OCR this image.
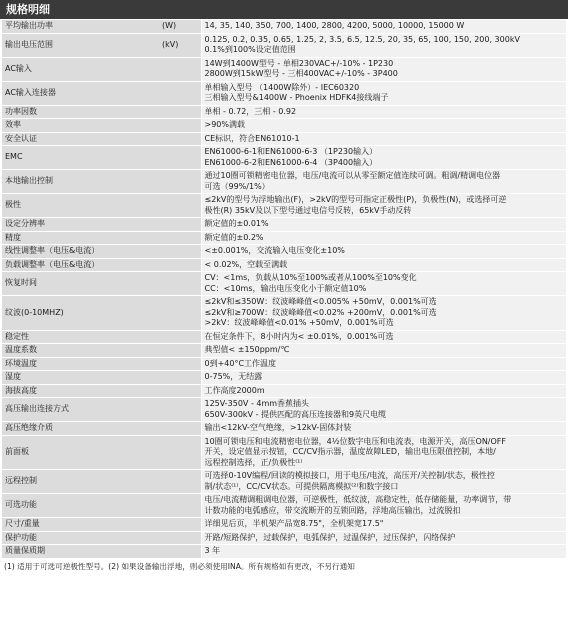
规格明细
平均输出功率	(W)	14, 35, 140, 350, 700, 1400, 2800, 4200, 5000, 10000, 15000 W

输出电压范围	(kV)	0.125, 0.2, 0.35, 0.65, 1.25, 2, 3.5, 6.5, 12.5, 20, 35, 65, 100, 150, 200, 300kV
0.1%到100%设定值范围

AC输入		14W到1400W型号 - 单相230VAC+/-10% - 1P230
2800W到15kW型号 - 三相400VAC+/-10% - 3P400

AC输入连接器		单相输入型号 （1400W除外）- IEC60320
三相输入型号&1400W - Phoenix HDFK4接线端子

功率因数		单相 - 0.72，三相 - 0.92

效率		>90%满载

安全认证		CE标识，符合EN61010-1

EMC		EN61000-6-1和EN61000-6-3 （1P230输入）
EN61000-6-2和EN61000-6-4 （3P400输入）

本地输出控制		通过10圈可锁精密电位器，电压/电流可以从零至额定值连续可调。粗调/精调电位器
可选（99%/1%）

极性		≤2kV的型号为浮地输出(F)，>2kV的型号可指定正极性(P)，负极性(N)，或选择可逆
极性(R) 35kV及以下型号通过电信号反转，65kV手动反转

设定分辨率		额定值的±0.01%

精度		额定值的±0.2%

线性调整率（电压&电流）		<±0.001%，交流输入电压变化±10%

负载调整率（电压&电流）		< 0.02%，空载至满载

恢复时间		CV：<1ms，负载从10%至100%或者从100%至10%变化
CC：<10ms，输出电压变化小于额定值10%

纹波(0-10MHZ)		≤2kV和≤350W：纹波峰峰值<0.005% +50mV，0.001%可选
≤2kV和≥700W：纹波峰峰值<0.02% +200mV，0.001%可选
>2kV：纹波峰峰值<0.01% +50mV，0.001%可选

稳定性		在恒定条件下，8小时内为< ±0.01%，0.001%可选

温度系数		典型值< ±150ppm/℃

环境温度		0到+40°C工作温度

湿度		0-75%，无结露

海拔高度		工作高度2000m

高压输出连接方式		125V-350V - 4mm香蕉插头
650V-300kV - 提供匹配的高压连接器和9英尺电缆

高压绝缘介质		输出<12kV-空气绝缘，>12kV-固体封装

前面板		10圈可锁电压和电流精密电位器，4½位数字电压和电流表，电源开关，高压ON/OFF
开关，设定值显示按钮，CC/CV指示器，温度故障LED，输出电压限值控制，本地/
远程控制选择，正/负极性⁽¹⁾

远程控制		可选择0-10V编程/回读的模拟接口，用于电压/电流，高压开/关控制/状态，极性控
制/状态⁽¹⁾，CC/CV状态。可提供隔离模拟⁽²⁾和数字接口

可选功能		电压/电流精调粗调电位器，可逆极性，低纹波，高稳定性，低存储能量，功率调节，带
计数功能的电弧感应，带交流断开的互锁回路，浮地高压输出，过流脱扣

尺寸/重量		详细见后页，半机架产品宽8.75"，全机架宽17.5"

保护功能		开路/短路保护，过载保护，电弧保护，过温保护，过压保护，闪络保护

质量保质期		3 年
(1) 适用于可选可逆极性型号。(2) 如果设备输出浮地，则必须使用INA。所有规格如有更改，不另行通知
